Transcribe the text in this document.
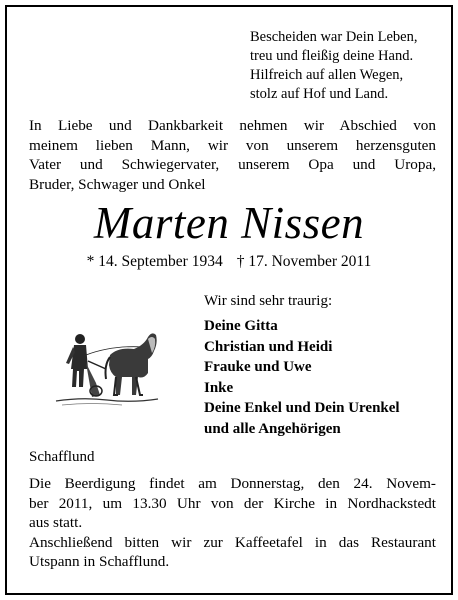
Bescheiden war Dein Leben,
treu und fleißig deine Hand.
Hilfreich auf allen Wegen,
stolz auf Hof und Land.
In Liebe und Dankbarkeit nehmen wir Abschied von
meinem lieben Mann, wir von unserem herzensguten
Vater und Schwiegervater, unserem Opa und Uropa,
Bruder, Schwager und Onkel
Marten Nissen
* 14. September 1934 † 17. November 2011
Wir sind sehr traurig:
Deine Gitta
Christian und Heidi
Frauke und Uwe
Inke
Deine Enkel und Dein Urenkel
und alle Angehörigen
Schafflund
Die Beerdigung findet am Donnerstag, den 24. Novem-
ber 2011, um 13.30 Uhr von der Kirche in Nordhackstedt
aus statt.
Anschließend bitten wir zur Kaffeetafel in das Restaurant
Utspann in Schafflund.
